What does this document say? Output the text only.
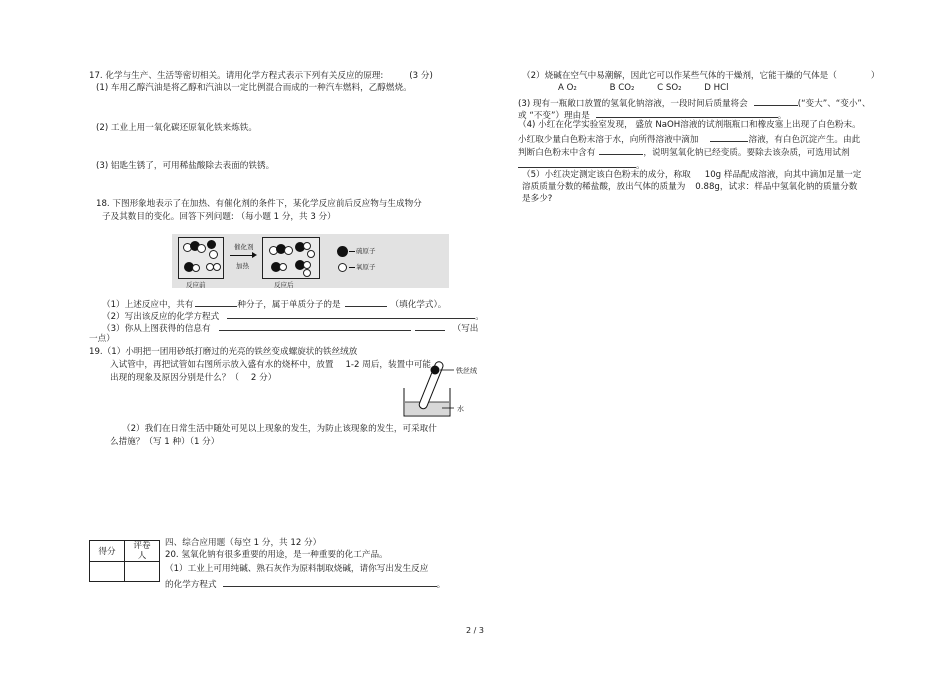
17. 化学与生产、生活等密切相关。请用化学方程式表示下列有关反应的原理:	(3 分)
(1) 车用乙醇汽油是将乙醇和汽油以一定比例混合而成的一种汽车燃料，乙醇燃烧。
(2) 工业上用一氧化碳还原氧化铁来炼铁。
(3) 铝匙生锈了，可用稀盐酸除去表面的铁锈。
18. 下图形象地表示了在加热、有催化剂的条件下，某化学反应前后反应物与生成物分
子及其数目的变化。回答下列问题: （每小题 1 分，共 3 分）
反应前
催化剂
加热
反应后
硫原子
氧原子
（1）上述反应中，共有	种分子，属于单质分子的是	（填化学式）。
（2）写出该反应的化学方程式	。
（3）你从上图获得的信息有	（写出
一点）
19.（1）小明把一团用砂纸打磨过的光亮的铁丝变成螺旋状的铁丝绒放
入试管中，再把试管如右图所示放入盛有水的烧杯中，放置 1-2 周后，装置中可能
出现的现象及原因分别是什么？（ 2 分）
铁丝绒
水
（2）我们在日常生活中随处可见以上现象的发生，为防止该现象的发生，可采取什
么措施？（写 1 种）（1 分）
得分	评卷
人

四、综合应用题（每空 1 分，共 12 分）
20. 氢氧化钠有很多重要的用途，是一种重要的化工产品。
（1）工业上可用纯碱、熟石灰作为原料制取烧碱，请你写出发生反应
的化学方程式	。
（2）烧碱在空气中易潮解，因此它可以作某些气体的干燥剂，它能干燥的气体是（	）
A O₂	B CO₂	C SO₂	D HCl
(3) 现有一瓶敞口放置的氢氧化钠溶液，一段时间后质量将会	(“变大”、“变小”、
或 “不变”）理由是	。
（4) 小红在化学实验室发现， 盛放 NaOH溶液的试剂瓶瓶口和橡皮塞上出现了白色粉末。
小红取少量白色粉末溶于水，向所得溶液中滴加	溶液，有白色沉淀产生。由此
判断白色粉末中含有	，说明氢氧化钠已经变质。要除去该杂质，可选用试剂
。
（5）小红决定测定该白色粉末的成分，称取 10g 样品配成溶液，向其中滴加足量一定
溶质质量分数的稀盐酸，放出气体的质量为 0.88g，试求：样品中氢氧化钠的质量分数
是多少?
2 / 3
